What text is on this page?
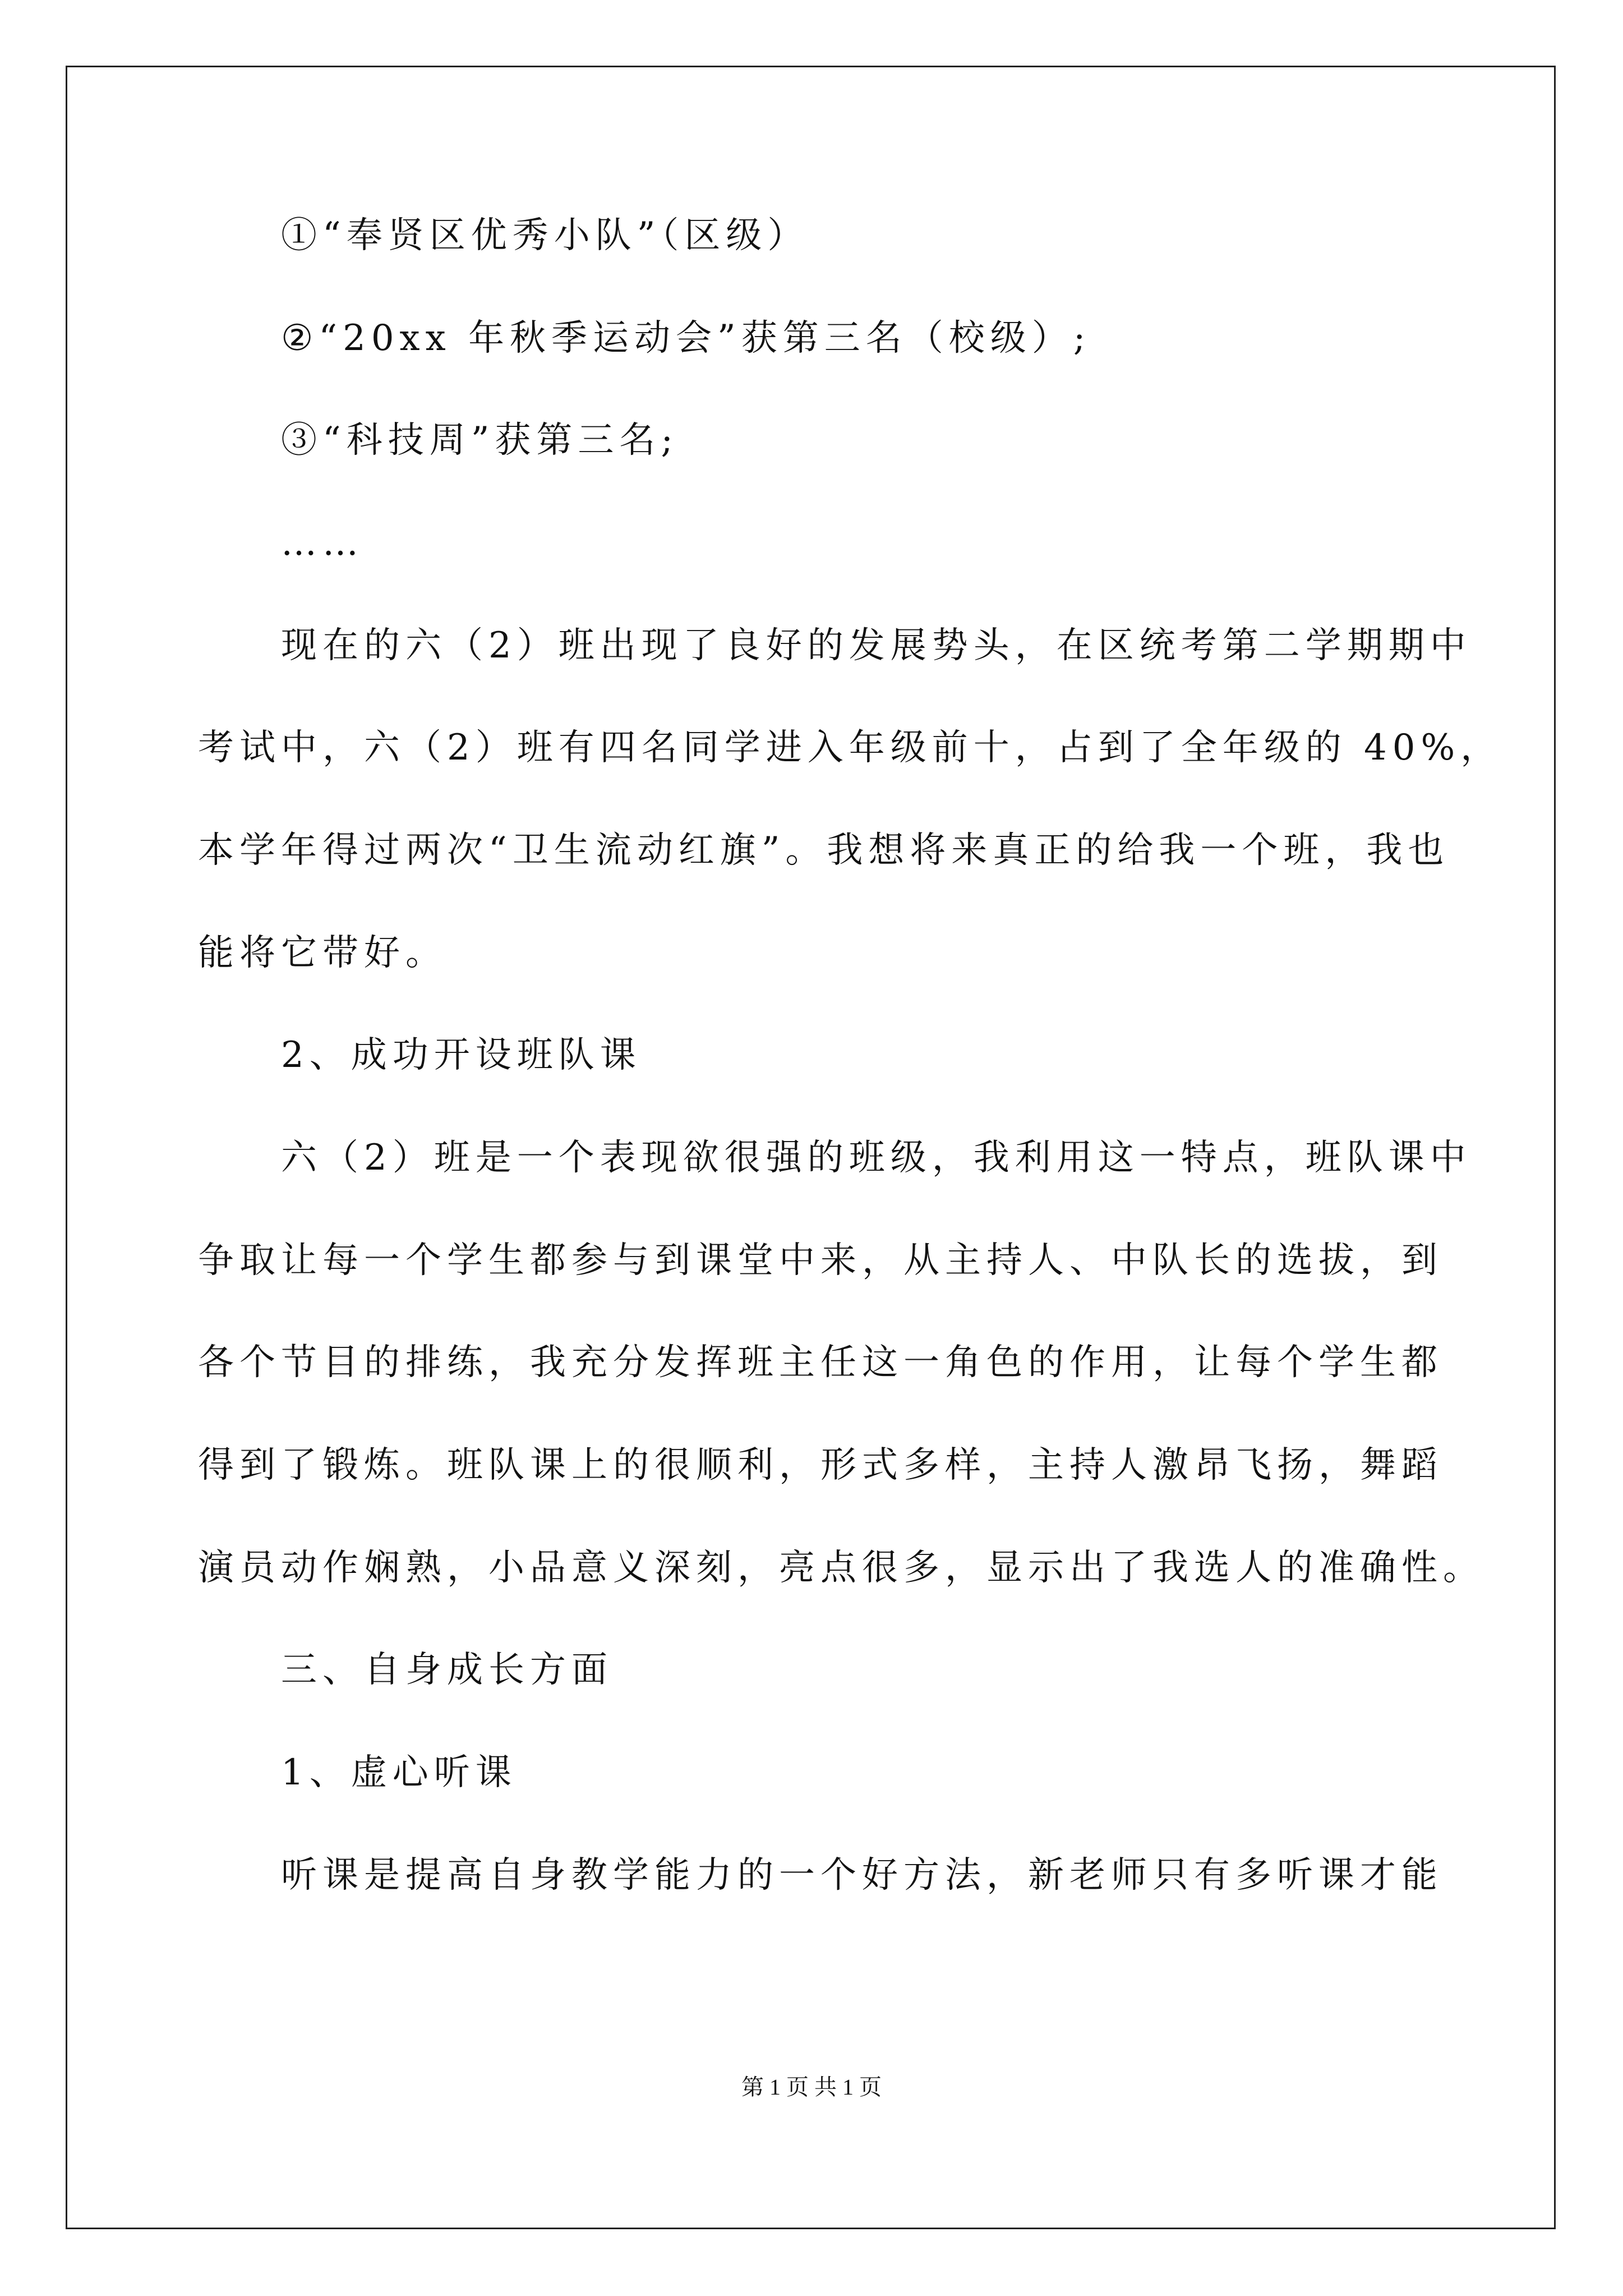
①“奉贤区优秀小队”（区级）
②“20xx 年秋季运动会”获第三名（校级）;
③“科技周”获第三名;
……
现在的六（2）班出现了良好的发展势头，在区统考第二学期期中
考试中，六（2）班有四名同学进入年级前十，占到了全年级的 40%，
本学年得过两次“卫生流动红旗”。我想将来真正的给我一个班，我也
能将它带好。
2、成功开设班队课
六（2）班是一个表现欲很强的班级，我利用这一特点，班队课中
争取让每一个学生都参与到课堂中来，从主持人、中队长的选拔，到
各个节目的排练，我充分发挥班主任这一角色的作用，让每个学生都
得到了锻炼。班队课上的很顺利，形式多样，主持人激昂飞扬，舞蹈
演员动作娴熟，小品意义深刻，亮点很多，显示出了我选人的准确性。
三、自身成长方面
1、虚心听课
听课是提高自身教学能力的一个好方法，新老师只有多听课才能
第 1 页 共 1 页
